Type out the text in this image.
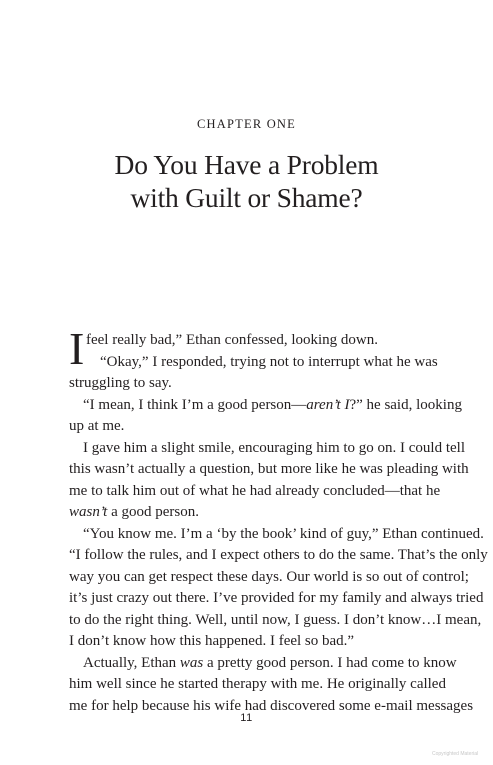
CHAPTER ONE
Do You Have a Problem
with Guilt or Shame?
I feel really bad,” Ethan confessed, looking down.
“Okay,” I responded, trying not to interrupt what he was
struggling to say.
“I mean, I think I’m a good person—aren’t I?” he said, looking
up at me.
I gave him a slight smile, encouraging him to go on. I could tell
this wasn’t actually a question, but more like he was pleading with
me to talk him out of what he had already concluded—that he
wasn’t a good person.
“You know me. I’m a ‘by the book’ kind of guy,” Ethan continued.
“I follow the rules, and I expect others to do the same. That’s the only
way you can get respect these days. Our world is so out of control;
it’s just crazy out there. I’ve provided for my family and always tried
to do the right thing. Well, until now, I guess. I don’t know…I mean,
I don’t know how this happened. I feel so bad.”
Actually, Ethan was a pretty good person. I had come to know
him well since he started therapy with me. He originally called
me for help because his wife had discovered some e-mail messages
11
Copyrighted Material
